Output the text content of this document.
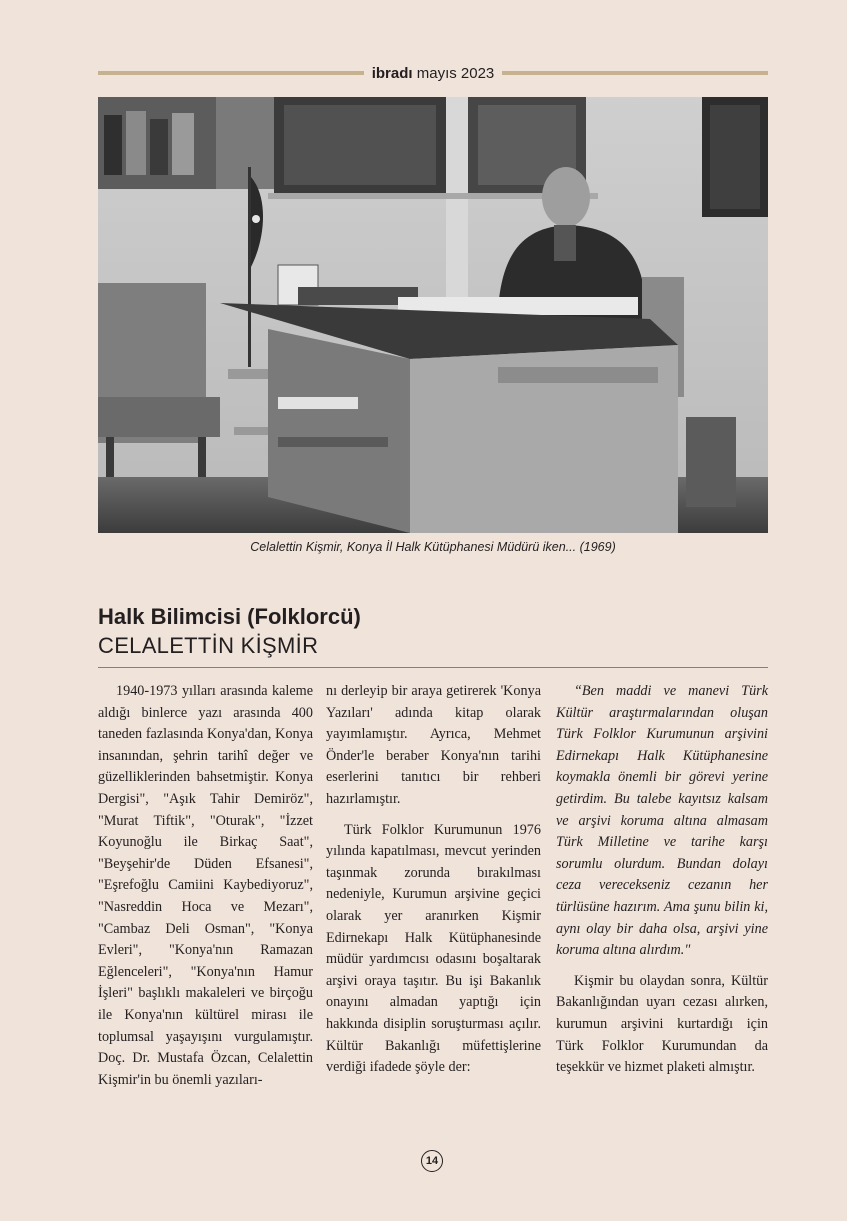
ibradı mayıs 2023
Celalettin Kişmir, Konya İl Halk Kütüphanesi Müdürü iken... (1969)
Halk Bilimcisi (Folklorcü)
CELALETTİN KİŞMİR

1940-1973 yılları arasında kaleme aldığı binlerce yazı arasında 400 taneden fazlasında Konya'dan, Konya insanından, şehrin tarihî değer ve güzelliklerinden bahsetmiştir. Konya Dergisi", "Aşık Tahir Demiröz", "Murat Tiftik", "Oturak", "İzzet Koyunoğlu ile Birkaç Saat", "Beyşehir'de Düden Efsanesi", "Eşrefoğlu Camiini Kaybediyoruz", "Nasreddin Hoca ve Mezarı", "Cambaz Deli Osman", "Konya Evleri", "Konya'nın Ramazan Eğlenceleri", "Konya'nın Hamur İşleri" başlıklı makaleleri ve birçoğu ile Konya'nın kültürel mirası ile toplumsal yaşayışını vurgulamıştır. Doç. Dr. Mustafa Özcan, Celalettin Kişmir'in bu önemli yazıları-

nı derleyip bir araya getirerek 'Konya Yazıları' adında kitap olarak yayımlamıştır. Ayrıca, Mehmet Önder'le beraber Konya'nın tarihi eserlerini tanıtıcı bir rehberi hazırlamıştır.

Türk Folklor Kurumunun 1976 yılında kapatılması, mevcut yerinden taşınmak zorunda bırakılması nedeniyle, Kurumun arşivine geçici olarak yer aranırken Kişmir Edirnekapı Halk Kütüphanesinde müdür yardımcısı odasını boşaltarak arşivi oraya taşıtır. Bu işi Bakanlık onayını almadan yaptığı için hakkında disiplin soruşturması açılır. Kültür Bakanlığı müfettişlerine verdiği ifadede şöyle der:

“Ben maddi ve manevi Türk Kültür araştırmalarından oluşan Türk Folklor Kurumunun arşivini Edirnekapı Halk Kütüphanesine koymakla önemli bir görevi yerine getirdim. Bu talebe kayıtsız kalsam ve arşivi koruma altına almasam Türk Milletine ve tarihe karşı sorumlu olurdum. Bundan dolayı ceza verecekseniz cezanın her türlüsüne hazırım. Ama şunu bilin ki, aynı olay bir daha olsa, arşivi yine koruma altına alırdım."

Kişmir bu olaydan sonra, Kültür Bakanlığından uyarı cezası alırken, kurumun arşivini kurtardığı için Türk Folklor Kurumundan da teşekkür ve hizmet plaketi almıştır.

14
